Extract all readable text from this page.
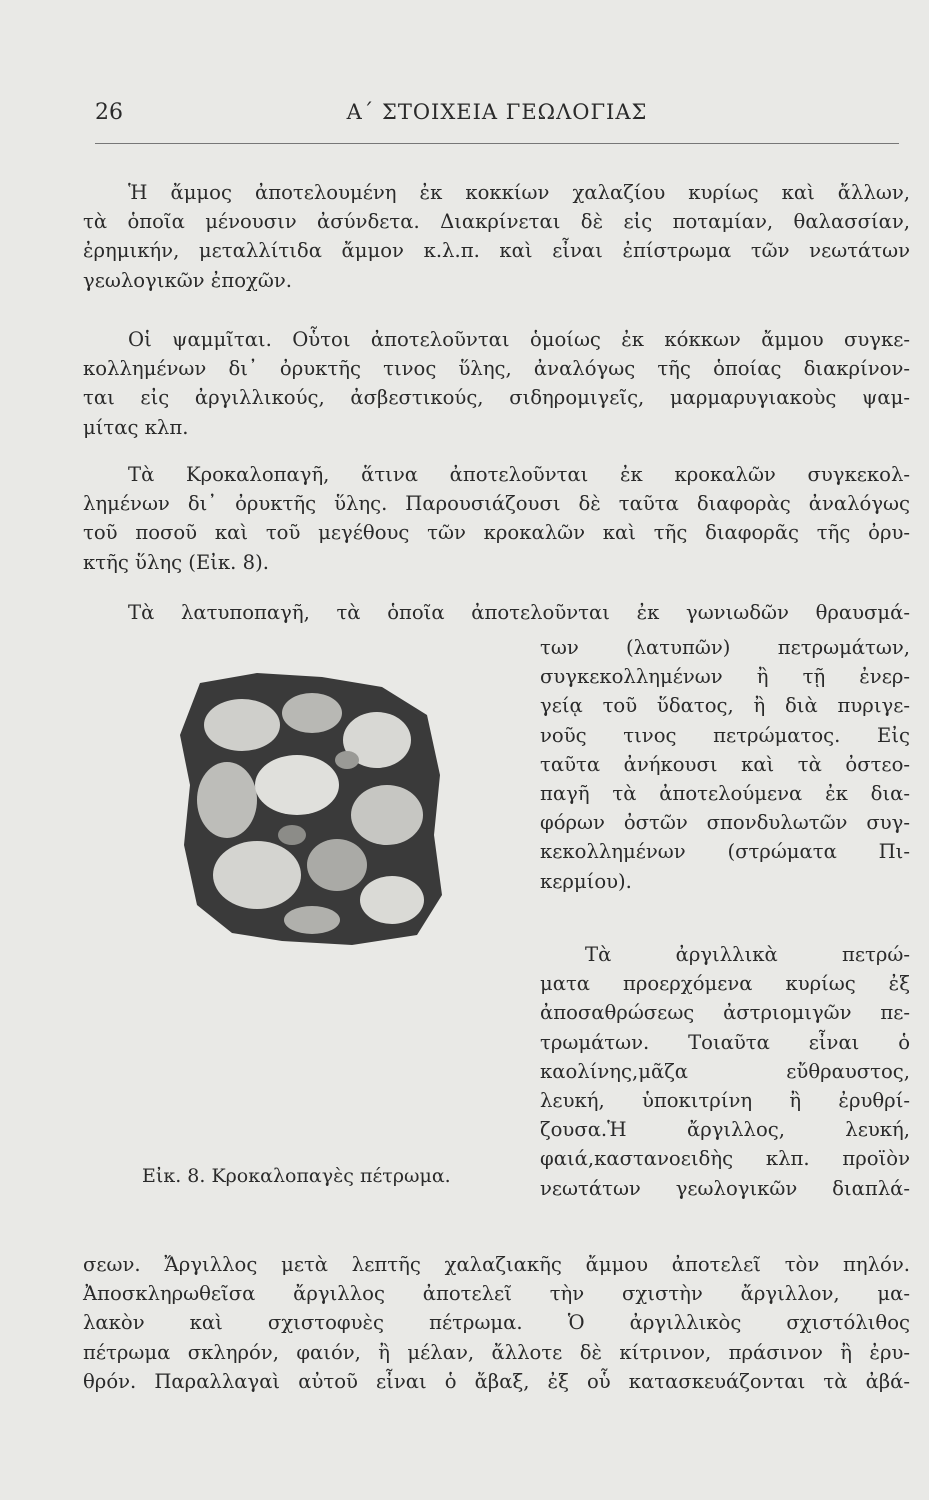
26	Α΄ ΣΤΟΙΧΕΙΑ ΓΕΩΛΟΓΙΑΣ
Ἡ ἄμμος ἀποτελουμένη ἐκ κοκκίων χαλαζίου κυρίως καὶ ἄλλων,
τὰ ὁποῖα μένουσιν ἀσύνδετα. Διακρίνεται δὲ εἰς ποταμίαν, θαλασσίαν,
ἐρημικήν, μεταλλίτιδα ἄμμον κ.λ.π. καὶ εἶναι ἐπίστρωμα τῶν νεωτάτων
γεωλογικῶν ἐποχῶν.
Οἱ ψαμμῖται. Οὗτοι ἀποτελοῦνται ὁμοίως ἐκ κόκκων ἄμμου συγκε-
κολλημένων δι᾽ ὀρυκτῆς τινος ὕλης, ἀναλόγως τῆς ὁποίας διακρίνον-
ται εἰς ἀργιλλικούς, ἀσβεστικούς, σιδηρομιγεῖς, μαρμαρυγιακοὺς ψαμ-
μίτας κλπ.
Τὰ Κροκαλοπαγῆ, ἅτινα ἀποτελοῦνται ἐκ κροκαλῶν συγκεκολ-
λημένων δι᾽ ὀρυκτῆς ὕλης. Παρουσιάζουσι δὲ ταῦτα διαφορὰς ἀναλόγως
τοῦ ποσοῦ καὶ τοῦ μεγέθους τῶν κροκαλῶν καὶ τῆς διαφορᾶς τῆς ὀρυ-
κτῆς ὕλης (Εἰκ. 8).
Τὰ λατυποπαγῆ, τὰ ὁποῖα ἀποτελοῦνται ἐκ γωνιωδῶν θραυσμά-
των (λατυπῶν) πετρωμάτων,
συγκεκολλημένων ἢ τῇ ἐνερ-
γείᾳ τοῦ ὕδατος, ἢ διὰ πυριγε-
νοῦς τινος πετρώματος. Εἰς
ταῦτα ἀνήκουσι καὶ τὰ ὀστεο-
παγῆ τὰ ἀποτελούμενα ἐκ δια-
φόρων ὀστῶν σπονδυλωτῶν συγ-
κεκολλημένων (στρώματα Πι-
κερμίου).
Τὰ ἀργιλλικὰ πετρώ-
ματα προερχόμενα κυρίως ἐξ
ἀποσαθρώσεως ἀστριομιγῶν πε-
τρωμάτων. Τοιαῦτα εἶναι ὁ
καολίνης,μᾶζα εὔθραυστος,
λευκή, ὑποκιτρίνη ἢ ἐρυθρί-
ζουσα.Ἡ ἄργιλλος, λευκή,
φαιά,καστανοειδὴς κλπ. προϊὸν
νεωτάτων γεωλογικῶν διαπλά-
σεων. Ἄργιλλος μετὰ λεπτῆς χαλαζιακῆς ἄμμου ἀποτελεῖ τὸν πηλόν.
Ἀποσκληρωθεῖσα ἄργιλλος ἀποτελεῖ τὴν σχιστὴν ἄργιλλον, μα-
λακὸν καὶ σχιστοφυὲς πέτρωμα. Ὁ ἀργιλλικὸς σχιστόλιθος
πέτρωμα σκληρόν, φαιόν, ἢ μέλαν, ἄλλοτε δὲ κίτρινον, πράσινον ἢ ἐρυ-
θρόν. Παραλλαγαὶ αὐτοῦ εἶναι ὁ ἄβαξ, ἐξ οὗ κατασκευάζονται τὰ ἀβά-
Εἰκ. 8. Κροκαλοπαγὲς πέτρωμα.
